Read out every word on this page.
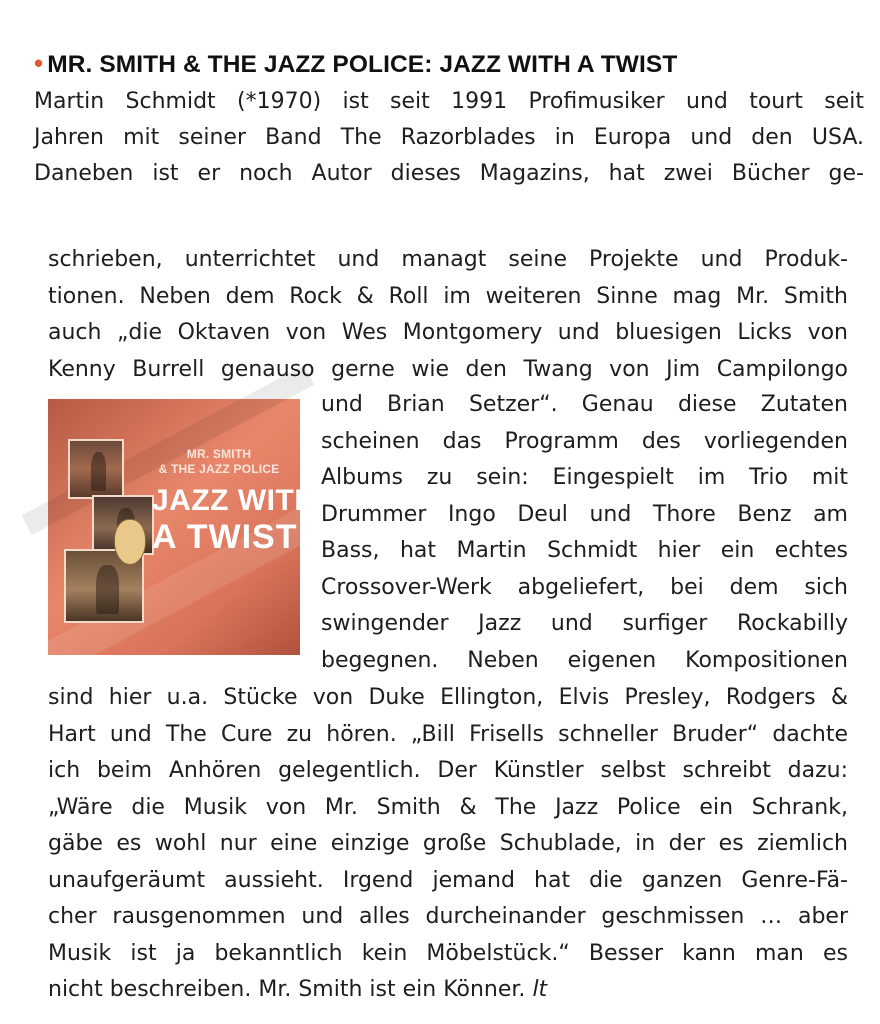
• MR. SMITH & THE JAZZ POLICE: JAZZ WITH A TWIST

Martin Schmidt (*1970) ist seit 1991 Profimusiker und tourt seit
Jahren mit seiner Band The Razorblades in Europa und den USA.
Daneben ist er noch Autor dieses Magazins, hat zwei Bücher ge-

schrieben, unterrichtet und managt seine Projekte und Produk-
tionen. Neben dem Rock & Roll im weiteren Sinne mag Mr. Smith
auch „die Oktaven von Wes Montgomery und bluesigen Licks von
Kenny Burrell genauso gerne wie den Twang von Jim Campilongo
MR. SMITH
& THE JAZZ POLICE
JAZZ WITH
A TWIST
und Brian Setzer“. Genau diese Zutaten
scheinen das Programm des vorliegenden
Albums zu sein: Eingespielt im Trio mit
Drummer Ingo Deul und Thore Benz am
Bass, hat Martin Schmidt hier ein echtes
Crossover-Werk abgeliefert, bei dem sich
swingender Jazz und surfiger Rockabilly
begegnen. Neben eigenen Kompositionen
sind hier u.a. Stücke von Duke Ellington, Elvis Presley, Rodgers &
Hart und The Cure zu hören. „Bill Frisells schneller Bruder“ dachte
ich beim Anhören gelegentlich. Der Künstler selbst schreibt dazu:
„Wäre die Musik von Mr. Smith & The Jazz Police ein Schrank,
gäbe es wohl nur eine einzige große Schublade, in der es ziemlich
unaufgeräumt aussieht. Irgend jemand hat die ganzen Genre-Fä-
cher rausgenommen und alles durcheinander geschmissen … aber
Musik ist ja bekanntlich kein Möbelstück.“ Besser kann man es
nicht beschreiben. Mr. Smith ist ein Könner. lt
